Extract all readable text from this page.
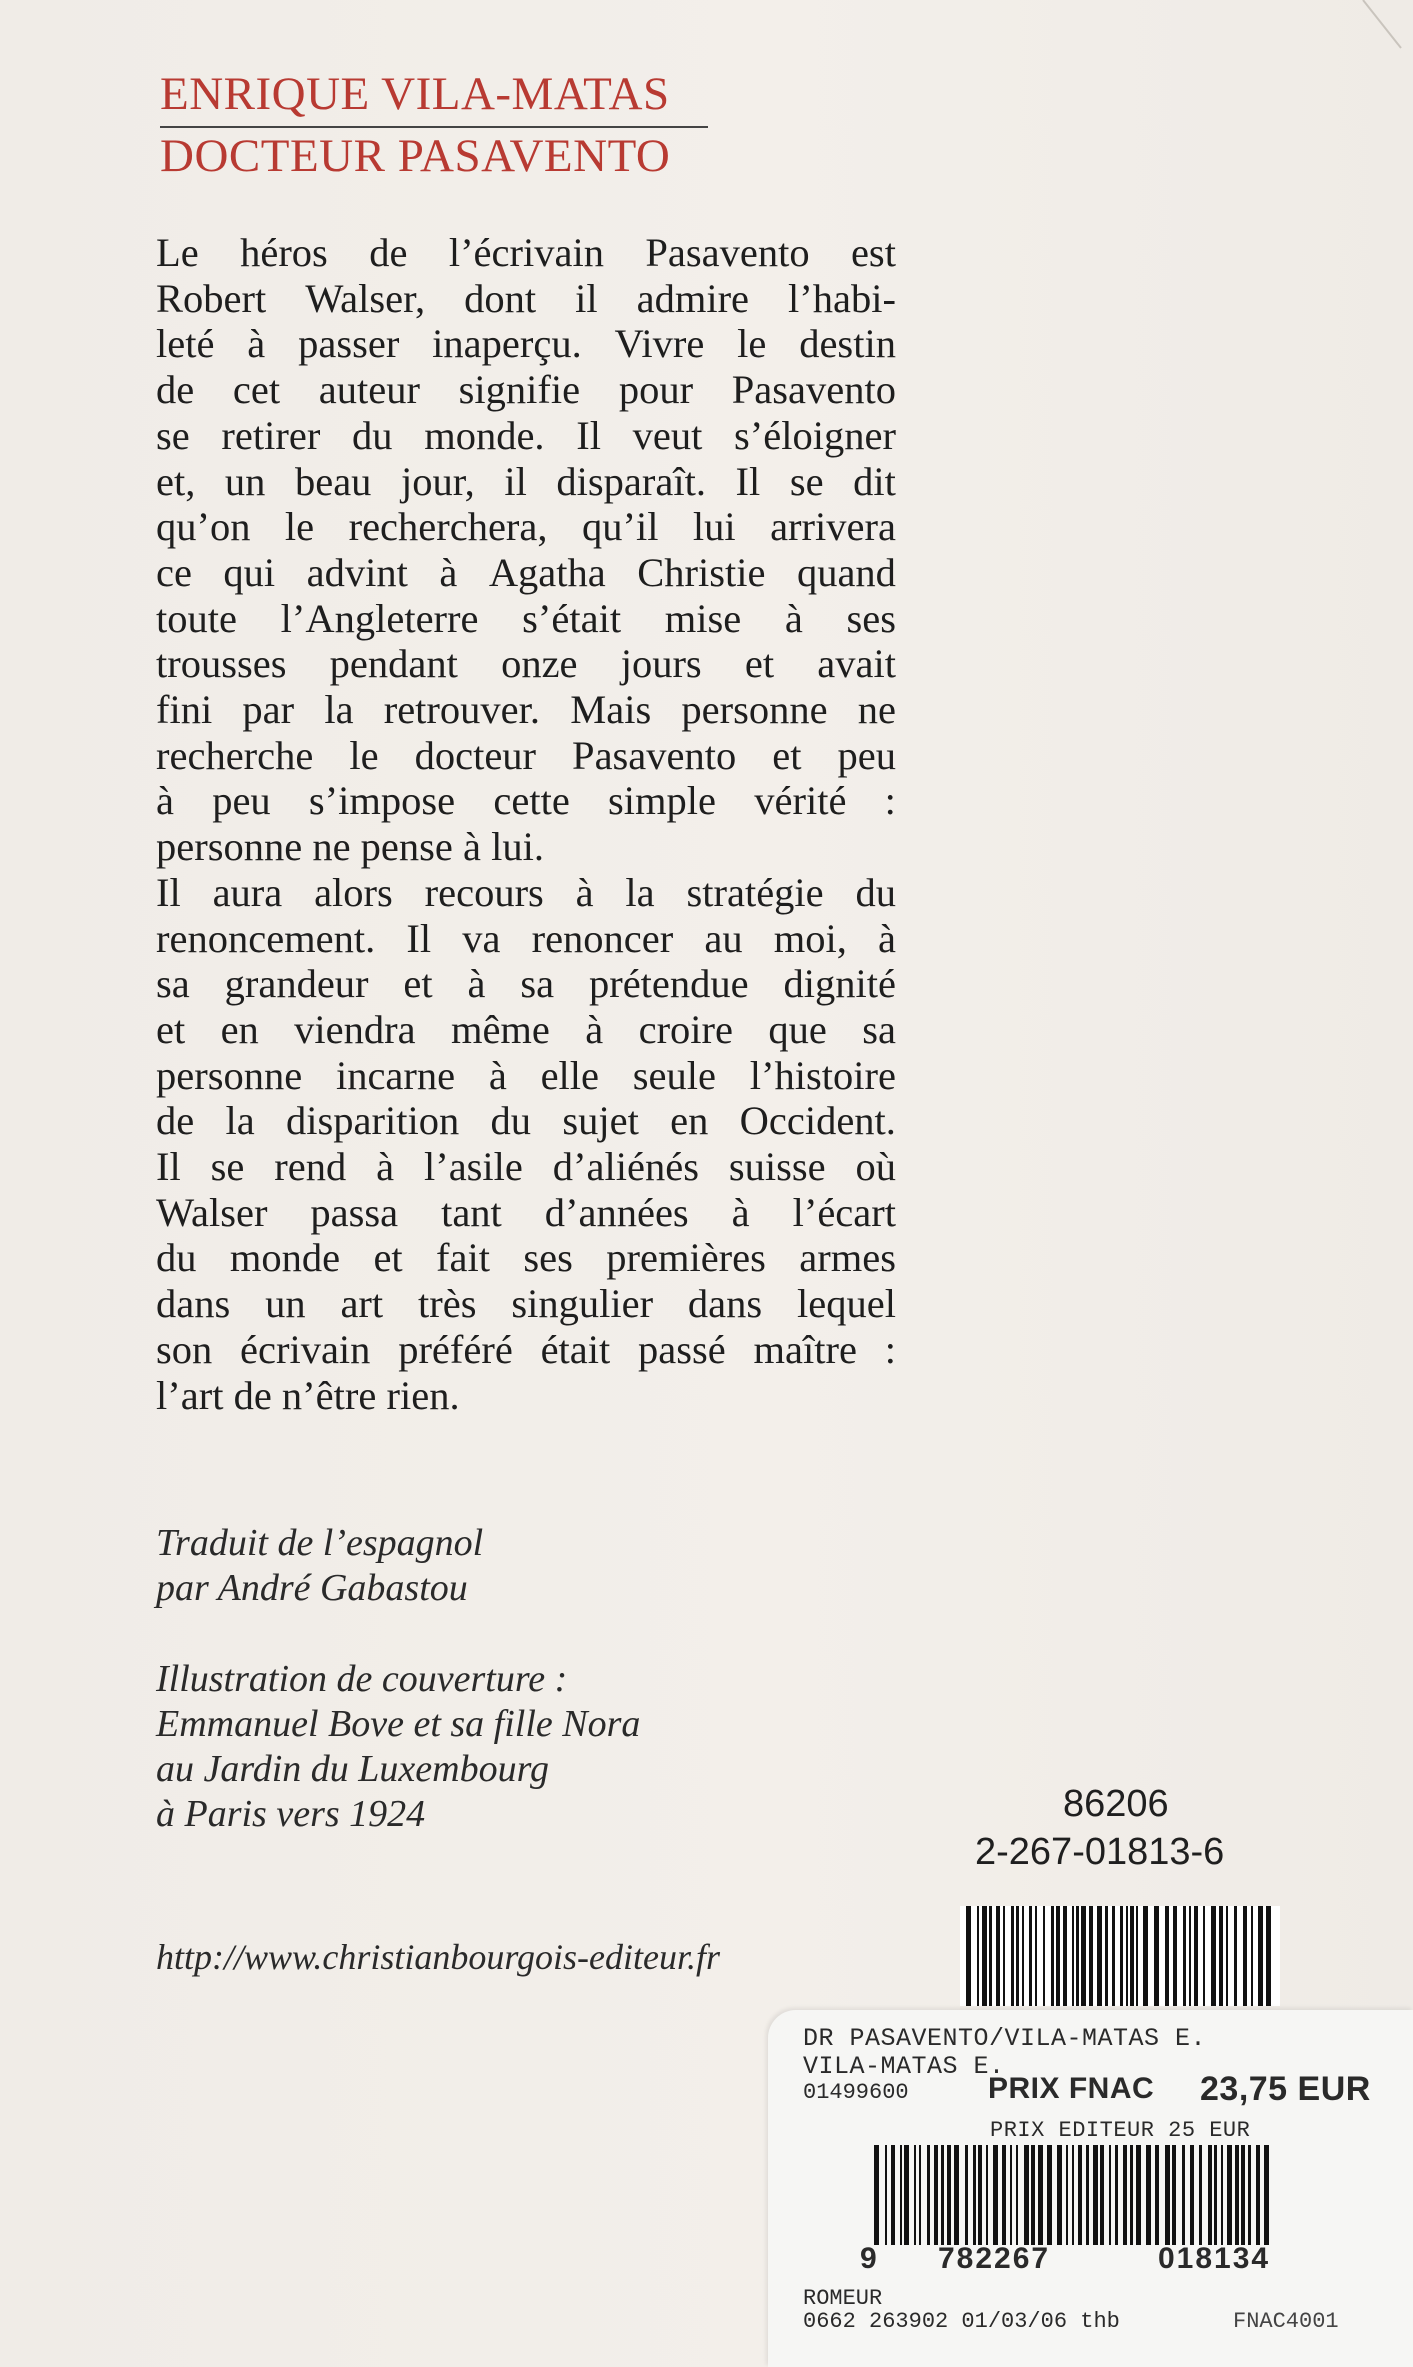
ENRIQUE VILA-MATAS
DOCTEUR PASAVENTO
Le héros de l’écrivain Pasavento est
Robert Walser, dont il admire l’habi-
leté à passer inaperçu. Vivre le destin
de cet auteur signifie pour Pasavento
se retirer du monde. Il veut s’éloigner
et, un beau jour, il disparaît. Il se dit
qu’on le recherchera, qu’il lui arrivera
ce qui advint à Agatha Christie quand
toute l’Angleterre s’était mise à ses
trousses pendant onze jours et avait
fini par la retrouver. Mais personne ne
recherche le docteur Pasavento et peu
à peu s’impose cette simple vérité :
personne ne pense à lui.
Il aura alors recours à la stratégie du
renoncement. Il va renoncer au moi, à
sa grandeur et à sa prétendue dignité
et en viendra même à croire que sa
personne incarne à elle seule l’histoire
de la disparition du sujet en Occident.
Il se rend à l’asile d’aliénés suisse où
Walser passa tant d’années à l’écart
du monde et fait ses premières armes
dans un art très singulier dans lequel
son écrivain préféré était passé maître :
l’art de n’être rien.
Traduit de l’espagnol
par André Gabastou
Illustration de couverture :
Emmanuel Bove et sa fille Nora
au Jardin du Luxembourg
à Paris vers 1924
http://www.christianbourgois-editeur.fr
86206
2-267-01813-6
DR PASAVENTO/VILA-MATAS E.
VILA-MATAS E.
01499600	PRIX FNAC 23,75 EUR
PRIX EDITEUR 25 EUR
9 782267	018134
ROMEUR
0662 263902 01/03/06 thb	FNAC4001
